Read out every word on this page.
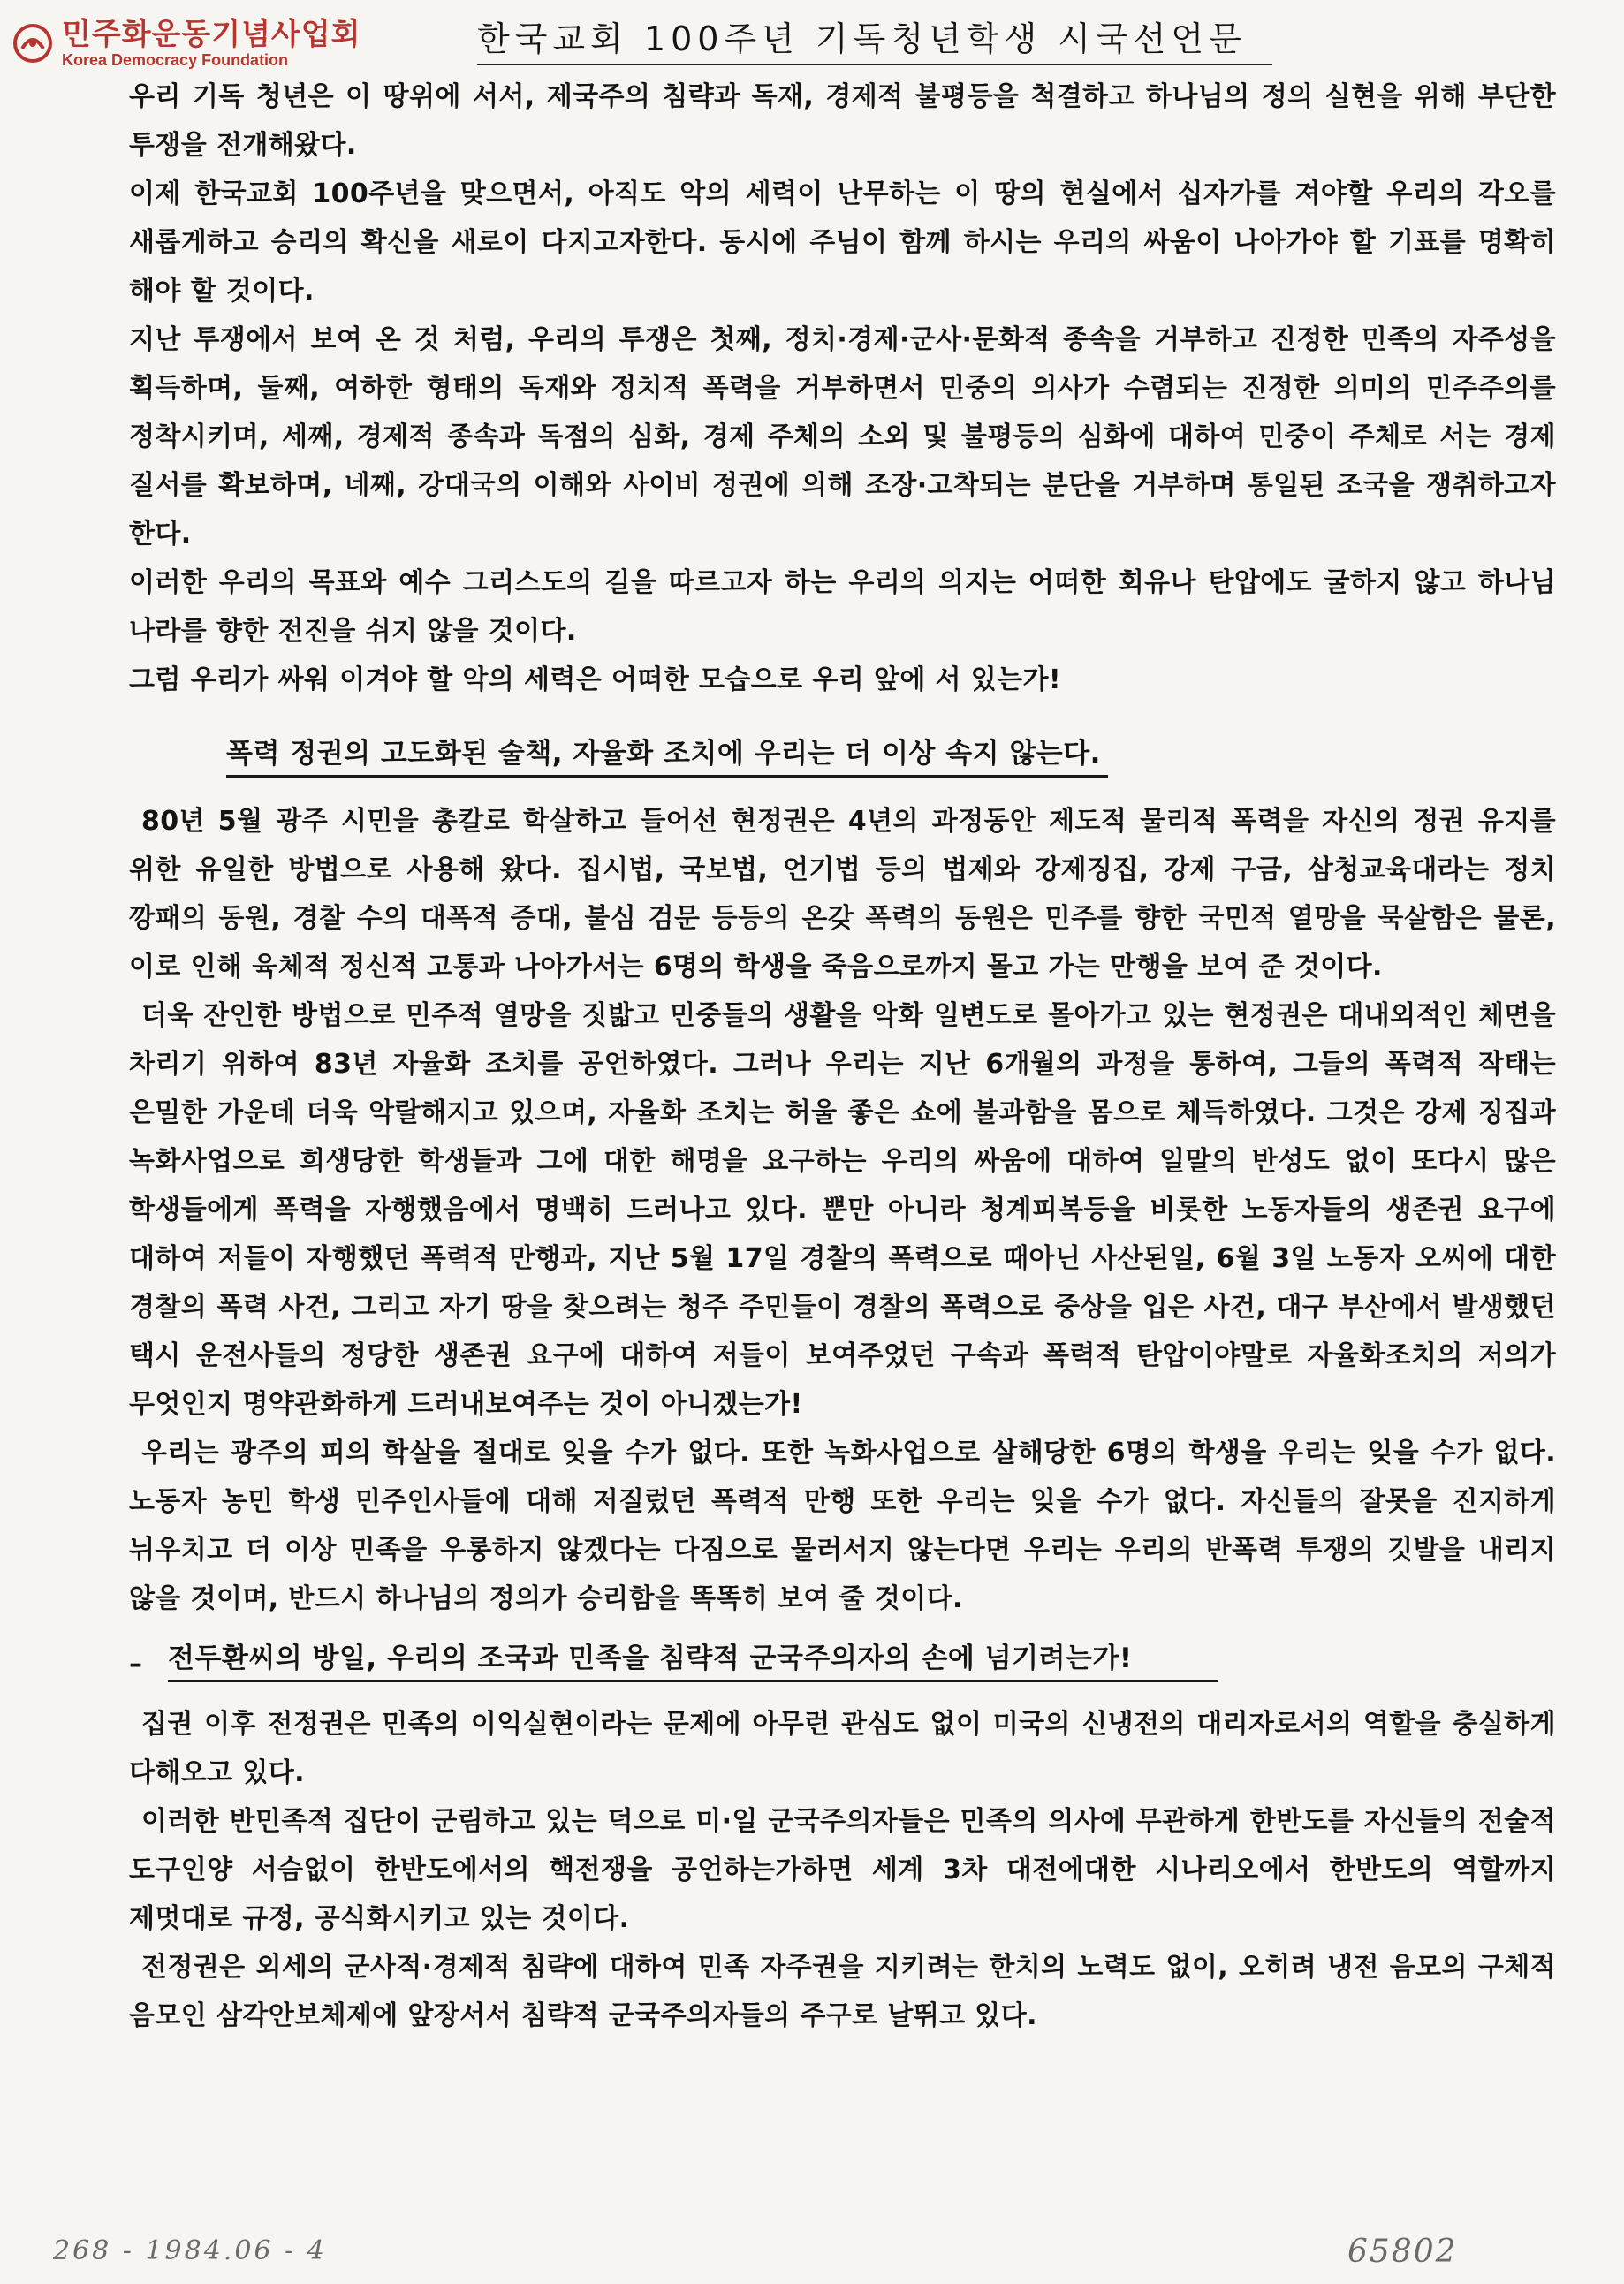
민주화운동기념사업회
Korea Democracy Foundation
한국교회 100주년 기독청년학생 시국선언문

우리 기독 청년은 이 땅위에 서서, 제국주의 침략과 독재, 경제적 불평등을 척결하고 하나님의 정의 실현을 위해 부단한 투쟁을 전개해왔다.

이제 한국교회 100주년을 맞으면서, 아직도 악의 세력이 난무하는 이 땅의 현실에서 십자가를 져야할 우리의 각오를 새롭게하고 승리의 확신을 새로이 다지고자한다. 동시에 주님이 함께 하시는 우리의 싸움이 나아가야 할 기표를 명확히 해야 할 것이다.

지난 투쟁에서 보여 온 것 처럼, 우리의 투쟁은 첫째, 정치·경제·군사·문화적 종속을 거부하고 진정한 민족의 자주성을 획득하며, 둘째, 여하한 형태의 독재와 정치적 폭력을 거부하면서 민중의 의사가 수렴되는 진정한 의미의 민주주의를 정착시키며, 세째, 경제적 종속과 독점의 심화, 경제 주체의 소외 및 불평등의 심화에 대하여 민중이 주체로 서는 경제 질서를 확보하며, 네째, 강대국의 이해와 사이비 정권에 의해 조장·고착되는 분단을 거부하며 통일된 조국을 쟁취하고자 한다.

이러한 우리의 목표와 예수 그리스도의 길을 따르고자 하는 우리의 의지는 어떠한 회유나 탄압에도 굴하지 않고 하나님 나라를 향한 전진을 쉬지 않을 것이다.

그럼 우리가 싸워 이겨야 할 악의 세력은 어떠한 모습으로 우리 앞에 서 있는가!

폭력 정권의 고도화된 술책, 자율화 조치에 우리는 더 이상 속지 않는다.

80년 5월 광주 시민을 총칼로 학살하고 들어선 현정권은 4년의 과정동안 제도적 물리적 폭력을 자신의 정권 유지를 위한 유일한 방법으로 사용해 왔다. 집시법, 국보법, 언기법 등의 법제와 강제징집, 강제 구금, 삼청교육대라는 정치 깡패의 동원, 경찰 수의 대폭적 증대, 불심 검문 등등의 온갖 폭력의 동원은 민주를 향한 국민적 열망을 묵살함은 물론, 이로 인해 육체적 정신적 고통과 나아가서는 6명의 학생을 죽음으로까지 몰고 가는 만행을 보여 준 것이다.

더욱 잔인한 방법으로 민주적 열망을 짓밟고 민중들의 생활을 악화 일변도로 몰아가고 있는 현정권은 대내외적인 체면을 차리기 위하여 83년 자율화 조치를 공언하였다. 그러나 우리는 지난 6개월의 과정을 통하여, 그들의 폭력적 작태는 은밀한 가운데 더욱 악랄해지고 있으며, 자율화 조치는 허울 좋은 쇼에 불과함을 몸으로 체득하였다. 그것은 강제 징집과 녹화사업으로 희생당한 학생들과 그에 대한 해명을 요구하는 우리의 싸움에 대하여 일말의 반성도 없이 또다시 많은 학생들에게 폭력을 자행했음에서 명백히 드러나고 있다. 뿐만 아니라 청계피복등을 비롯한 노동자들의 생존권 요구에 대하여 저들이 자행했던 폭력적 만행과, 지난 5월 17일 경찰의 폭력으로 때아닌 사산된일, 6월 3일 노동자 오씨에 대한 경찰의 폭력 사건, 그리고 자기 땅을 찾으려는 청주 주민들이 경찰의 폭력으로 중상을 입은 사건, 대구 부산에서 발생했던 택시 운전사들의 정당한 생존권 요구에 대하여 저들이 보여주었던 구속과 폭력적 탄압이야말로 자율화조치의 저의가 무엇인지 명약관화하게 드러내보여주는 것이 아니겠는가!

우리는 광주의 피의 학살을 절대로 잊을 수가 없다. 또한 녹화사업으로 살해당한 6명의 학생을 우리는 잊을 수가 없다. 노동자 농민 학생 민주인사들에 대해 저질렀던 폭력적 만행 또한 우리는 잊을 수가 없다. 자신들의 잘못을 진지하게 뉘우치고 더 이상 민족을 우롱하지 않겠다는 다짐으로 물러서지 않는다면 우리는 우리의 반폭력 투쟁의 깃발을 내리지 않을 것이며, 반드시 하나님의 정의가 승리함을 똑똑히 보여 줄 것이다.

– 전두환씨의 방일, 우리의 조국과 민족을 침략적 군국주의자의 손에 넘기려는가!

집권 이후 전정권은 민족의 이익실현이라는 문제에 아무런 관심도 없이 미국의 신냉전의 대리자로서의 역할을 충실하게 다해오고 있다.

이러한 반민족적 집단이 군림하고 있는 덕으로 미·일 군국주의자들은 민족의 의사에 무관하게 한반도를 자신들의 전술적 도구인양 서슴없이 한반도에서의 핵전쟁을 공언하는가하면 세계 3차 대전에대한 시나리오에서 한반도의 역할까지 제멋대로 규정, 공식화시키고 있는 것이다.

전정권은 외세의 군사적·경제적 침략에 대하여 민족 자주권을 지키려는 한치의 노력도 없이, 오히려 냉전 음모의 구체적 음모인 삼각안보체제에 앞장서서 침략적 군국주의자들의 주구로 날뛰고 있다.

268 - 1984.06 - 4	65802
